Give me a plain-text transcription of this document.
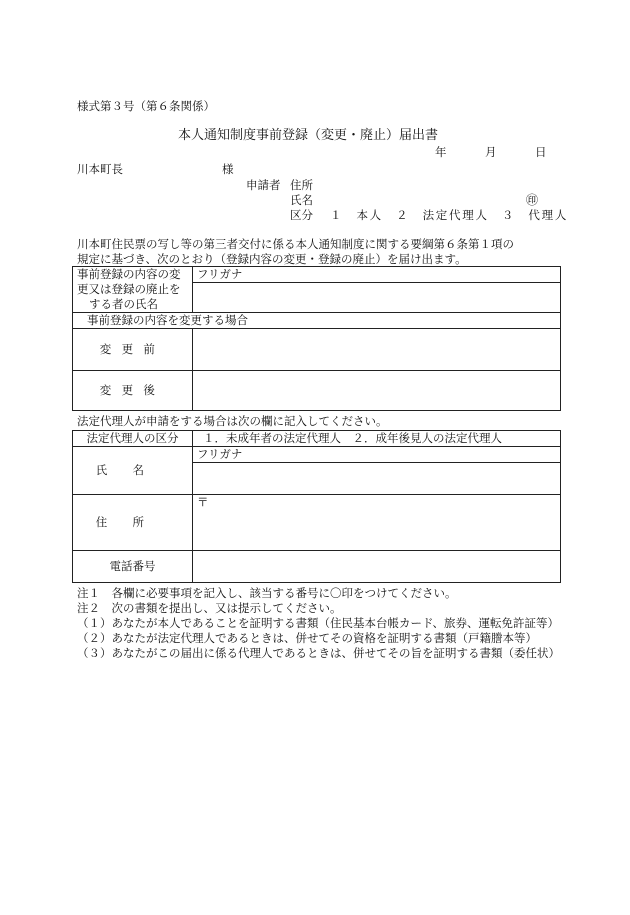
様式第３号（第６条関係）
本人通知制度事前登録（変更・廃止）届出書
年	月	日
川本町長	様
申請者 住所
氏名	㊞
区分 １　本人　２　法定代理人　３　代理人
川本町住民票の写し等の第三者交付に係る本人通知制度に関する要綱第６条第１項の
規定に基づき、次のとおり（登録内容の変更・登録の廃止）を届け出ます。
事前登録の内容の変
更又は登録の廃止を
する者の氏名	フリガナ

事前登録の内容を変更する場合	
変更前	
変更後	
法定代理人が申請をする場合は次の欄に記入してください。
法定代理人の区分	１．未成年者の法定代理人　２．成年後見人の法定代理人
氏名	フリガナ

住所	〒
電話番号	
注１　各欄に必要事項を記入し、該当する番号に〇印をつけてください。
注２　次の書類を提出し、又は提示してください。
（１）あなたが本人であることを証明する書類（住民基本台帳カード、旅券、運転免許証等）
（２）あなたが法定代理人であるときは、併せてその資格を証明する書類（戸籍謄本等）
（３）あなたがこの届出に係る代理人であるときは、併せてその旨を証明する書類（委任状）
